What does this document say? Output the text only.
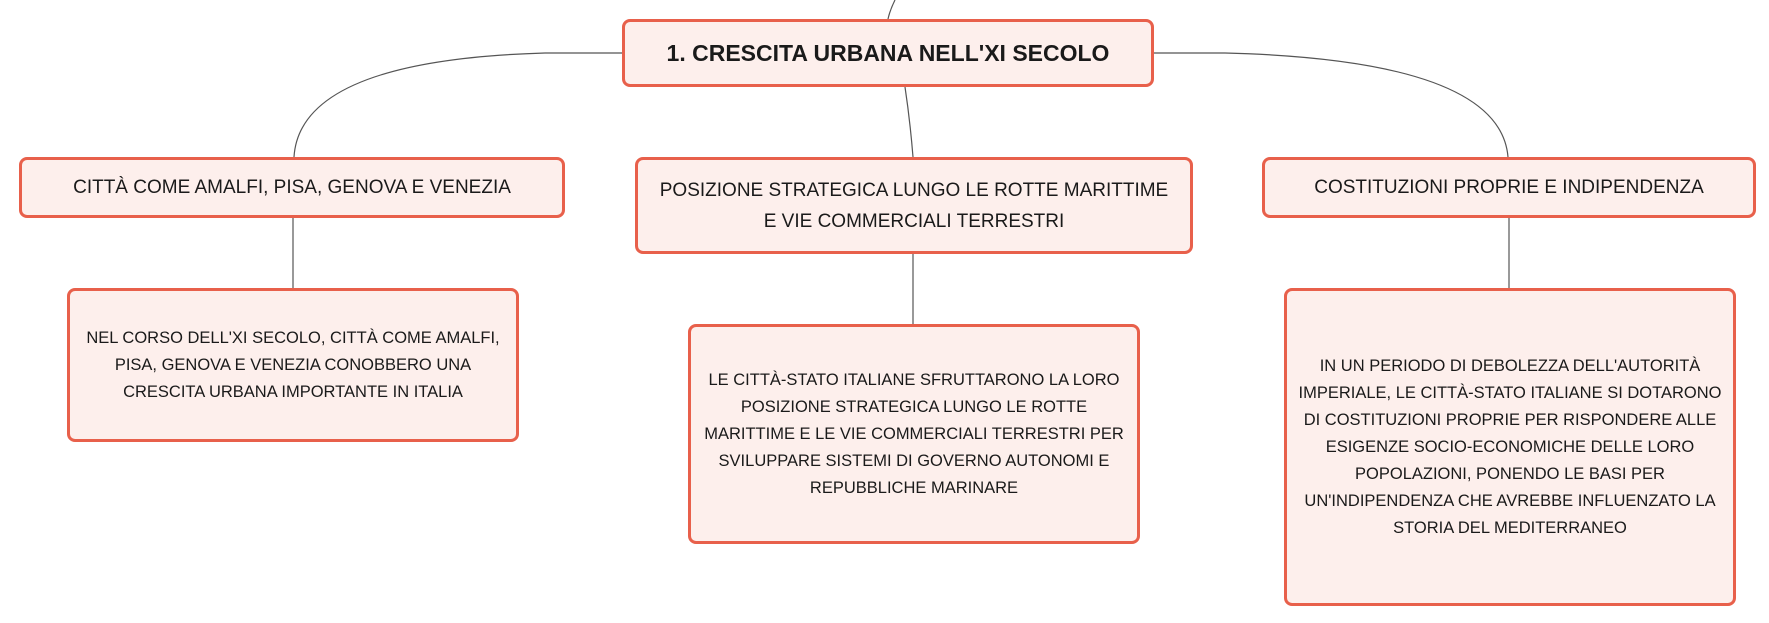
1. CRESCITA URBANA NELL'XI SECOLO
CITTÀ COME AMALFI, PISA, GENOVA E VENEZIA	POSIZIONE STRATEGICA LUNGO LE ROTTE MARITTIME E VIE COMMERCIALI TERRESTRI
COSTITUZIONI PROPRIE E INDIPENDENZA
NEL CORSO DELL'XI SECOLO, CITTÀ COME AMALFI, PISA, GENOVA E VENEZIA CONOBBERO UNA CRESCITA URBANA IMPORTANTE IN ITALIA
LE CITTÀ-STATO ITALIANE SFRUTTARONO LA LORO POSIZIONE STRATEGICA LUNGO LE ROTTE MARITTIME E LE VIE COMMERCIALI TERRESTRI PER SVILUPPARE SISTEMI DI GOVERNO AUTONOMI E REPUBBLICHE MARINARE
IN UN PERIODO DI DEBOLEZZA DELL'AUTORITÀ IMPERIALE, LE CITTÀ-STATO ITALIANE SI DOTARONO DI COSTITUZIONI PROPRIE PER RISPONDERE ALLE ESIGENZE SOCIO-ECONOMICHE DELLE LORO POPOLAZIONI, PONENDO LE BASI PER UN'INDIPENDENZA CHE AVREBBE INFLUENZATO LA STORIA DEL MEDITERRANEO
